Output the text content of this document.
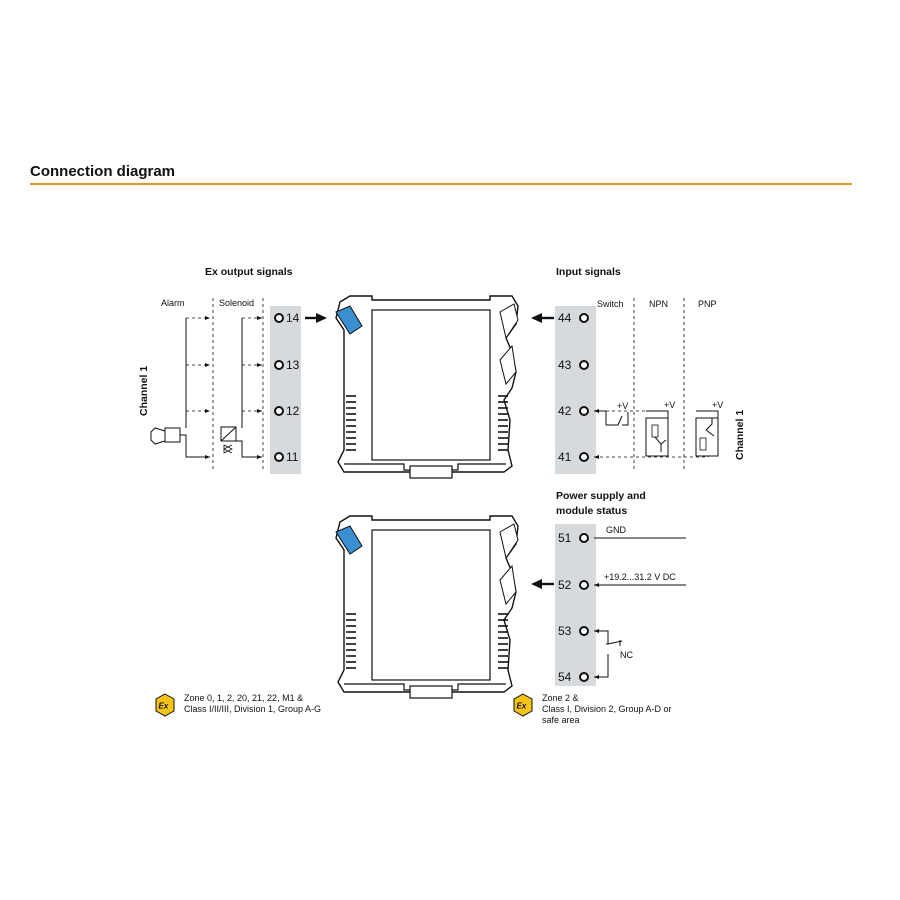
Connection diagram
Ex output signals
Alarm	Solenoid
Channel 1
14
13
12
11
Input signals
Switch	NPN	PNP
Channel 1
44
43
42
41
+V	+V	+V
Power supply and
module status
51
52
53
54
GND
+19.2...31.2 V DC
NC
Ex
Zone 0, 1, 2, 20, 21, 22, M1 &
Class I/II/III, Division 1, Group A-G	Ex
Zone 2 &
Class I, Division 2, Group A-D or
safe area
